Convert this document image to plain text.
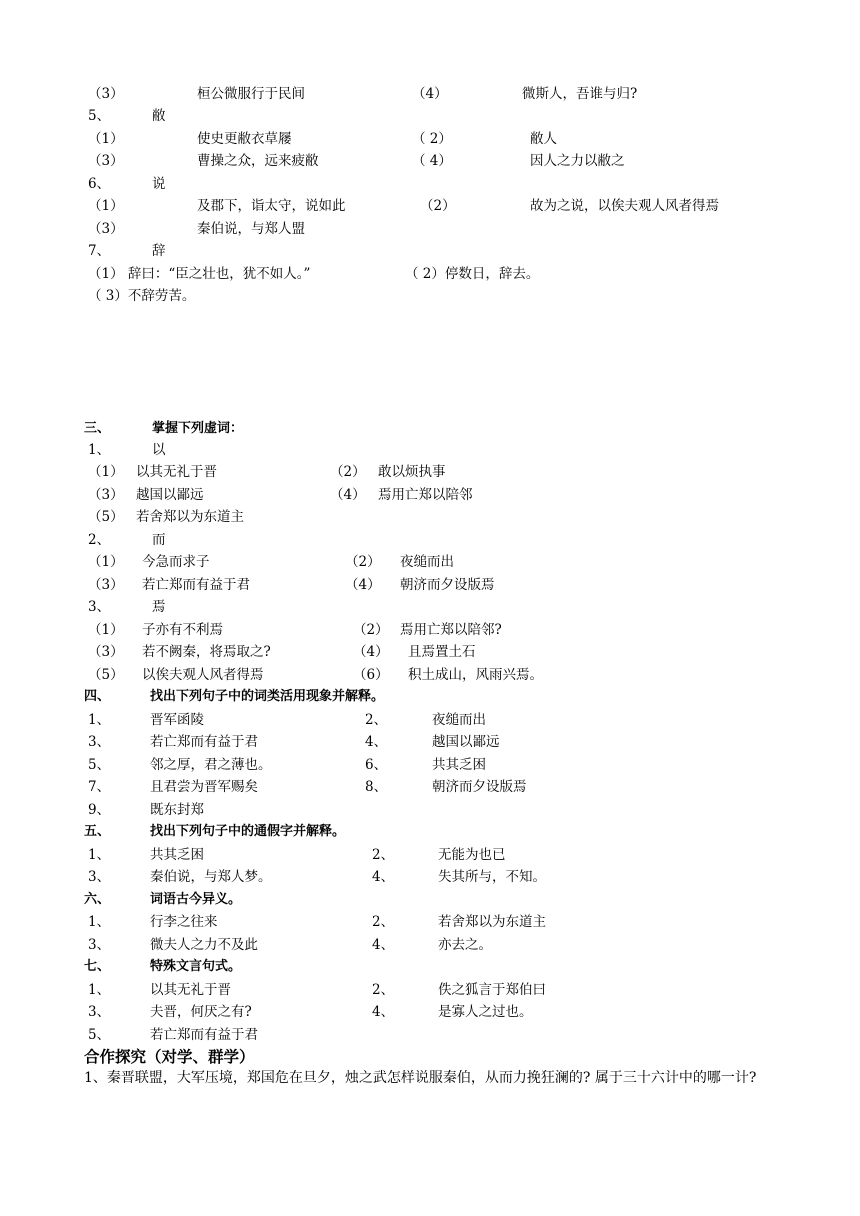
（3）	桓公微服行于民间	（4）	微斯人，吾谁与归?
5、	敝
（1）	使史更敝衣草屦	（ 2）	敝人
（3）	曹操之众，远来疲敝	（ 4）	因人之力以敝之
6、	说
（1）	及郡下，诣太守，说如此	（2）	故为之说，以俟夫观人风者得焉
（3）	秦伯说，与郑人盟
7、	辞
（1） 辞曰：“臣之壮也，犹不如人。”	（ 2）停数日，辞去。
（ 3）不辞劳苦。
三、	掌握下列虚词：
1、	以
（1） 以其无礼于晋	（2） 敢以烦执事
（3） 越国以鄙远	（4） 焉用亡郑以陪邻
（5） 若舍郑以为东道主
2、	而
（1） 今急而求子	（2） 夜缒而出
（3） 若亡郑而有益于君	（4） 朝济而夕设版焉
3、	焉
（1） 子亦有不利焉	（2） 焉用亡郑以陪邻?
（3） 若不阙秦，将焉取之?	（4） 且焉置土石
（5） 以俟夫观人风者得焉	（6） 积土成山，风雨兴焉。
四、	找出下列句子中的词类活用现象并解释。
1、	晋军函陵	2、	夜缒而出
3、	若亡郑而有益于君	4、	越国以鄙远
5、	邻之厚，君之薄也。	6、	共其乏困
7、	且君尝为晋军赐矣	8、	朝济而夕设版焉
9、	既东封郑
五、	找出下列句子中的通假字并解释。
1、	共其乏困	2、	无能为也已
3、	秦伯说，与郑人梦。	4、	失其所与，不知。
六、	词语古今异义。
1、	行李之往来	2、	若舍郑以为东道主
3、	微夫人之力不及此	4、	亦去之。
七、	特殊文言句式。
1、	以其无礼于晋	2、	佚之狐言于郑伯曰
3、	夫晋，何厌之有?	4、	是寡人之过也。
5、	若亡郑而有益于君
合作探究（对学、群学）
1、秦晋联盟，大军压境，郑国危在旦夕，烛之武怎样说服秦伯，从而力挽狂澜的? 属于三十六计中的哪一计?
